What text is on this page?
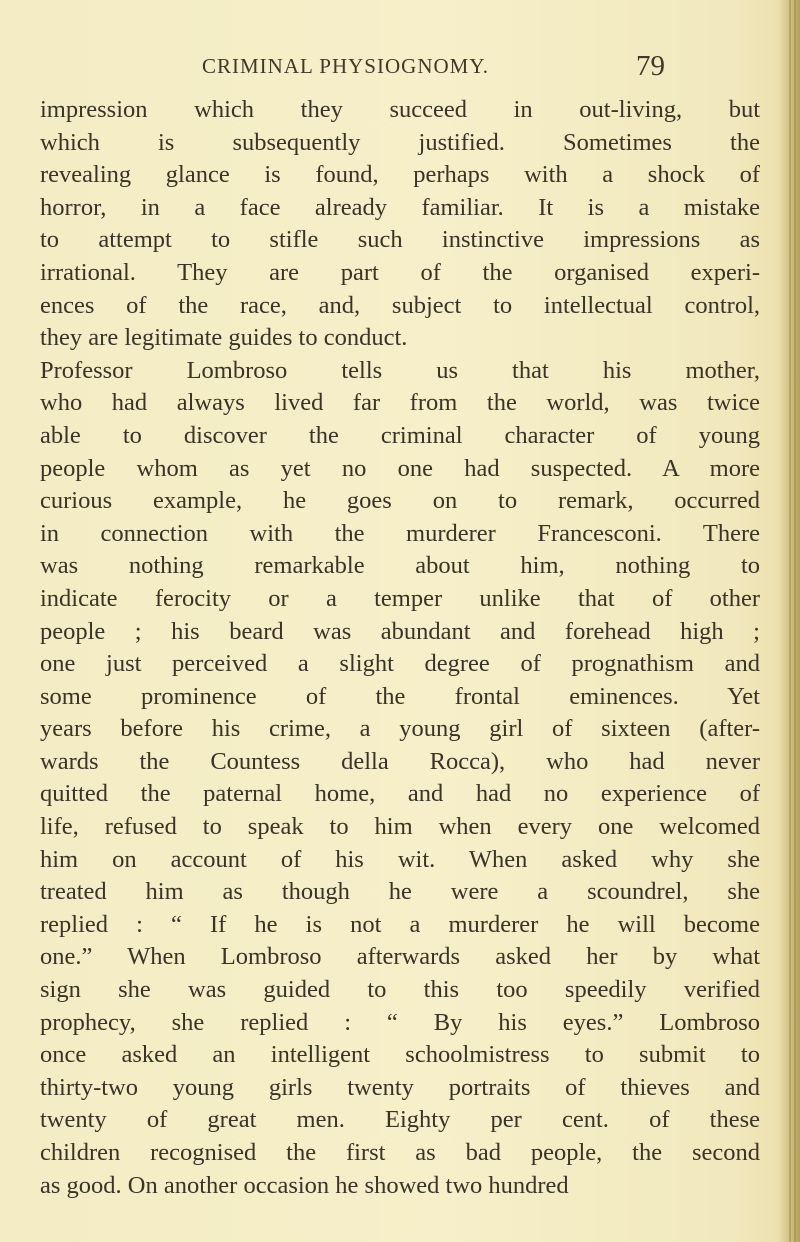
CRIMINAL PHYSIOGNOMY.	79
impression which they succeed in out-living, but
which is subsequently justified. Sometimes the
revealing glance is found, perhaps with a shock of
horror, in a face already familiar. It is a mistake
to attempt to stifle such instinctive impressions as
irrational. They are part of the organised experi-
ences of the race, and, subject to intellectual control,
they are legitimate guides to conduct.
Professor Lombroso tells us that his mother,
who had always lived far from the world, was twice
able to discover the criminal character of young
people whom as yet no one had suspected. A more
curious example, he goes on to remark, occurred
in connection with the murderer Francesconi. There
was nothing remarkable about him, nothing to
indicate ferocity or a temper unlike that of other
people ; his beard was abundant and forehead high ;
one just perceived a slight degree of prognathism and
some prominence of the frontal eminences. Yet
years before his crime, a young girl of sixteen (after-
wards the Countess della Rocca), who had never
quitted the paternal home, and had no experience of
life, refused to speak to him when every one welcomed
him on account of his wit. When asked why she
treated him as though he were a scoundrel, she
replied : “ If he is not a murderer he will become
one.” When Lombroso afterwards asked her by what
sign she was guided to this too speedily verified
prophecy, she replied : “ By his eyes.” Lombroso
once asked an intelligent schoolmistress to submit to
thirty-two young girls twenty portraits of thieves and
twenty of great men. Eighty per cent. of these
children recognised the first as bad people, the second
as good. On another occasion he showed two hundred
